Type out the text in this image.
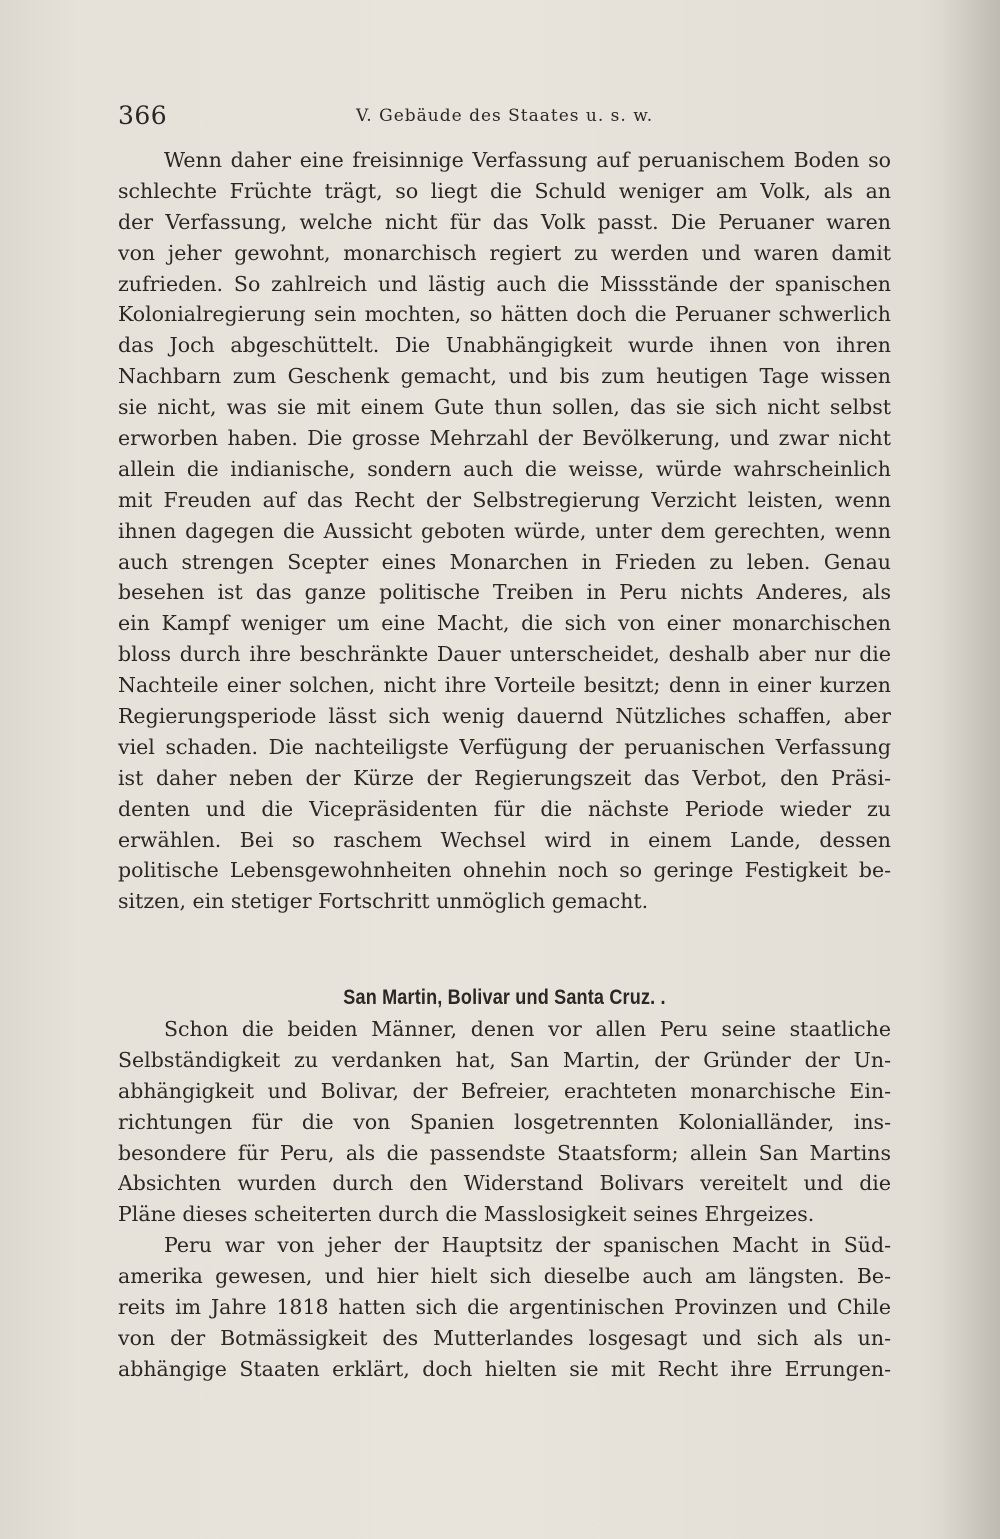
366	V. Gebäude des Staates u. s. w.
Wenn daher eine freisinnige Verfassung auf peruanischem Boden so
schlechte Früchte trägt, so liegt die Schuld weniger am Volk, als an
der Verfassung, welche nicht für das Volk passt. Die Peruaner waren
von jeher gewohnt, monarchisch regiert zu werden und waren damit
zufrieden. So zahlreich und lästig auch die Missstände der spanischen
Kolonialregierung sein mochten, so hätten doch die Peruaner schwerlich
das Joch abgeschüttelt. Die Unabhängigkeit wurde ihnen von ihren
Nachbarn zum Geschenk gemacht, und bis zum heutigen Tage wissen
sie nicht, was sie mit einem Gute thun sollen, das sie sich nicht selbst
erworben haben. Die grosse Mehrzahl der Bevölkerung, und zwar nicht
allein die indianische, sondern auch die weisse, würde wahrscheinlich
mit Freuden auf das Recht der Selbstregierung Verzicht leisten, wenn
ihnen dagegen die Aussicht geboten würde, unter dem gerechten, wenn
auch strengen Scepter eines Monarchen in Frieden zu leben. Genau
besehen ist das ganze politische Treiben in Peru nichts Anderes, als
ein Kampf weniger um eine Macht, die sich von einer monarchischen
bloss durch ihre beschränkte Dauer unterscheidet, deshalb aber nur die
Nachteile einer solchen, nicht ihre Vorteile besitzt; denn in einer kurzen
Regierungsperiode lässt sich wenig dauernd Nützliches schaffen, aber
viel schaden. Die nachteiligste Verfügung der peruanischen Verfassung
ist daher neben der Kürze der Regierungszeit das Verbot, den Präsi-
denten und die Vicepräsidenten für die nächste Periode wieder zu
erwählen. Bei so raschem Wechsel wird in einem Lande, dessen
politische Lebensgewohnheiten ohnehin noch so geringe Festigkeit be-
sitzen, ein stetiger Fortschritt unmöglich gemacht.
San Martin, Bolivar und Santa Cruz. .
Schon die beiden Männer, denen vor allen Peru seine staatliche
Selbständigkeit zu verdanken hat, San Martin, der Gründer der Un-
abhängigkeit und Bolivar, der Befreier, erachteten monarchische Ein-
richtungen für die von Spanien losgetrennten Kolonialländer, ins-
besondere für Peru, als die passendste Staatsform; allein San Martins
Absichten wurden durch den Widerstand Bolivars vereitelt und die
Pläne dieses scheiterten durch die Masslosigkeit seines Ehrgeizes.
Peru war von jeher der Hauptsitz der spanischen Macht in Süd-
amerika gewesen, und hier hielt sich dieselbe auch am längsten. Be-
reits im Jahre 1818 hatten sich die argentinischen Provinzen und Chile
von der Botmässigkeit des Mutterlandes losgesagt und sich als un-
abhängige Staaten erklärt, doch hielten sie mit Recht ihre Errungen-
